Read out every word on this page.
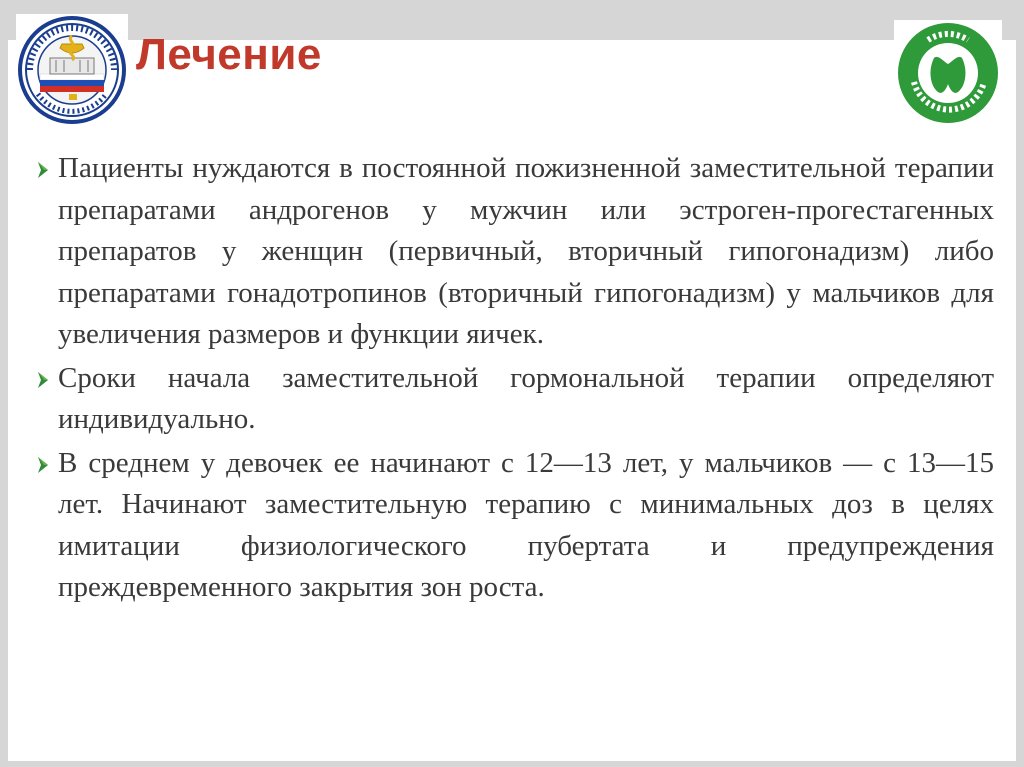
Лечение
Пациенты нуждаются в постоянной пожизненной заместительной терапии препаратами андрогенов у мужчин или эстроген-прогестагенных препаратов у женщин (первичный, вторичный гипогонадизм) либо препаратами гонадотропинов (вторичный гипогонадизм) у мальчиков для увеличения размеров и функции яичек.
Сроки начала заместительной гормональной терапии определяют индивидуально.
В среднем у девочек ее начинают с 12—13 лет, у мальчиков — с 13—15 лет. Начинают заместительную терапию с минимальных доз в целях имитации физиологического пубертата и предупреждения преждевременного закрытия зон роста.
